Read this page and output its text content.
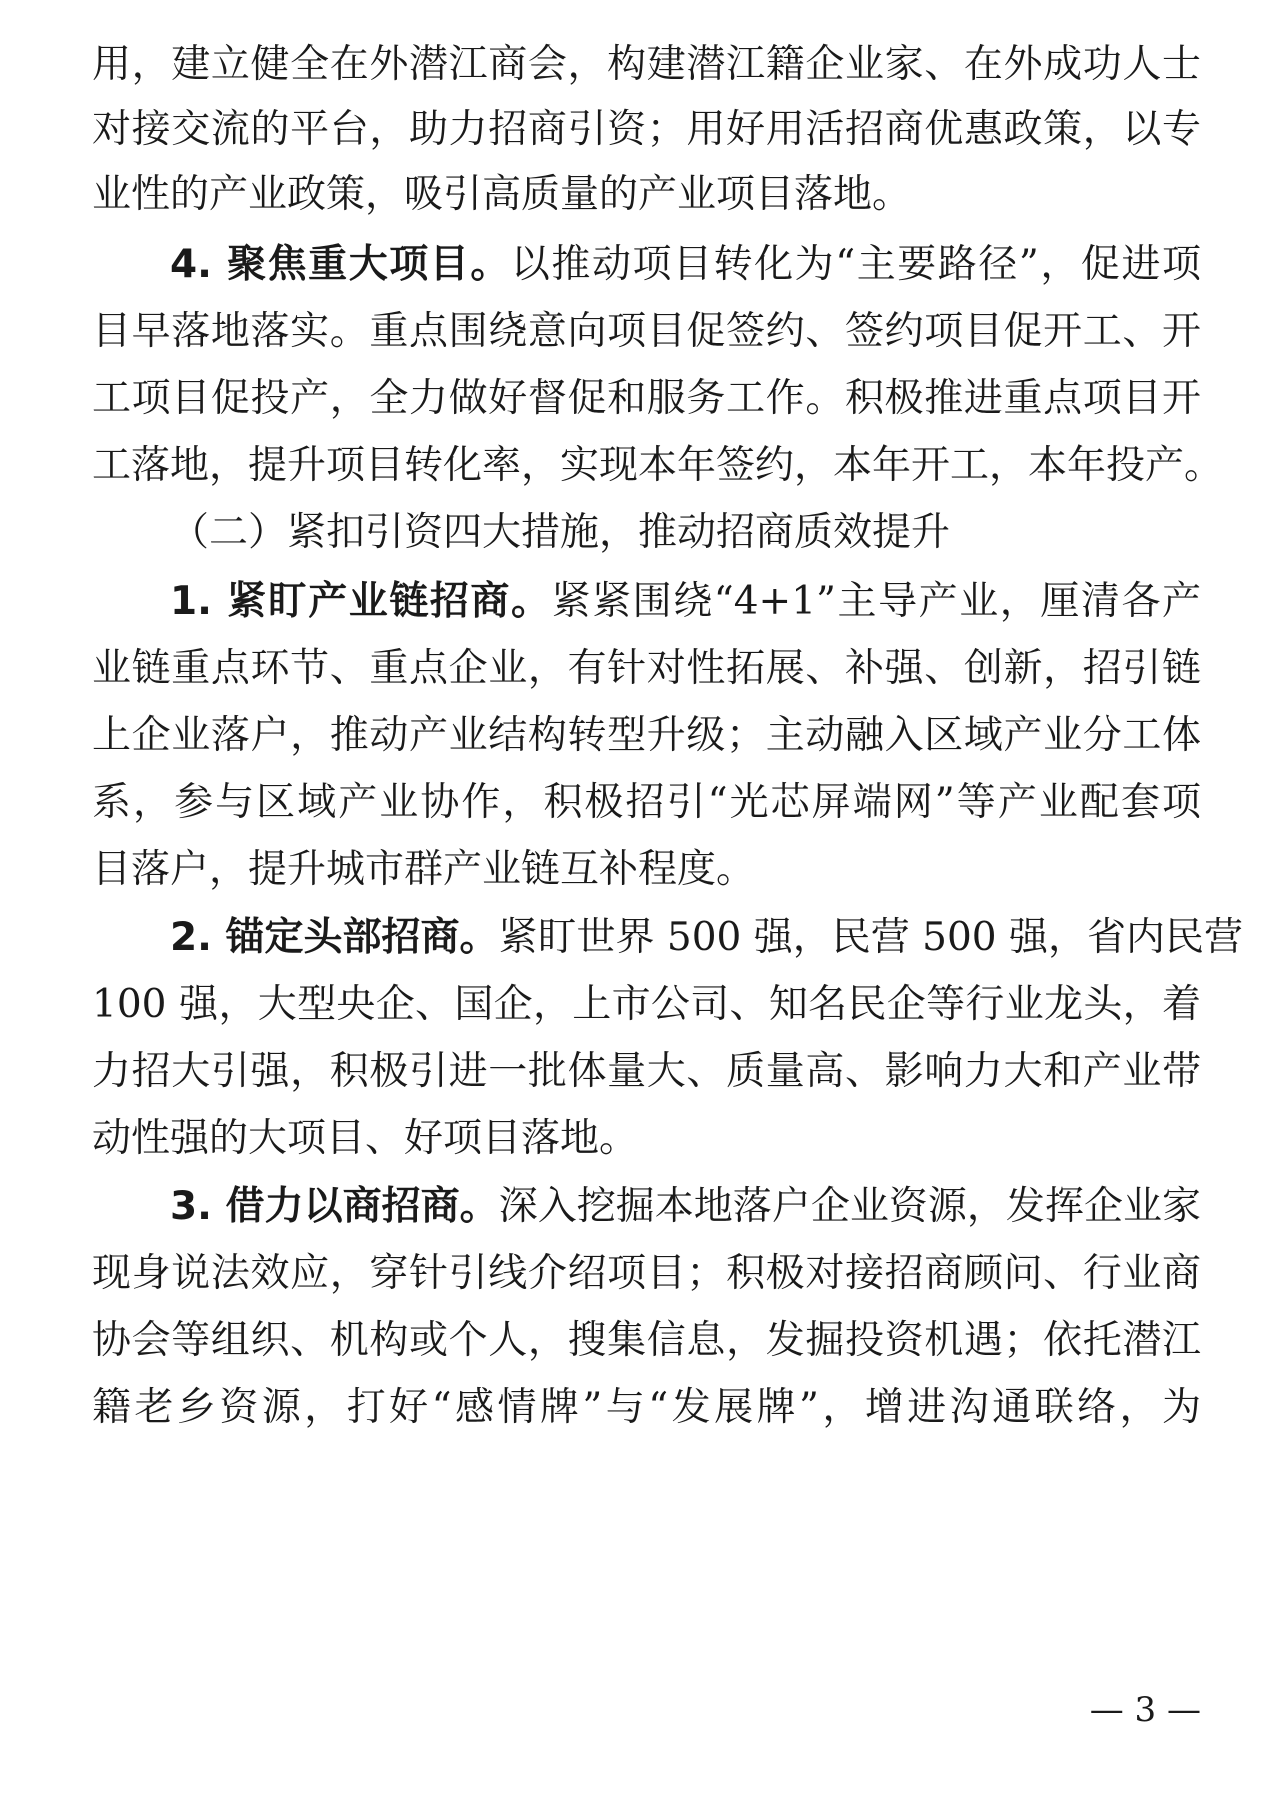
用，建立健全在外潜江商会，构建潜江籍企业家、在外成功人士
对接交流的平台，助力招商引资；用好用活招商优惠政策，以专
业性的产业政策，吸引高质量的产业项目落地。
4. 聚焦重大项目。以推动项目转化为“主要路径”，促进项
目早落地落实。重点围绕意向项目促签约、签约项目促开工、开
工项目促投产，全力做好督促和服务工作。积极推进重点项目开
工落地，提升项目转化率，实现本年签约，本年开工，本年投产。
（二）紧扣引资四大措施，推动招商质效提升
1. 紧盯产业链招商。紧紧围绕“4+1”主导产业，厘清各产
业链重点环节、重点企业，有针对性拓展、补强、创新，招引链
上企业落户，推动产业结构转型升级；主动融入区域产业分工体
系，参与区域产业协作，积极招引“光芯屏端网”等产业配套项
目落户，提升城市群产业链互补程度。
2. 锚定头部招商。紧盯世界 500 强，民营 500 强，省内民营
100 强，大型央企、国企，上市公司、知名民企等行业龙头，着
力招大引强，积极引进一批体量大、质量高、影响力大和产业带
动性强的大项目、好项目落地。
3. 借力以商招商。深入挖掘本地落户企业资源，发挥企业家
现身说法效应，穿针引线介绍项目；积极对接招商顾问、行业商
协会等组织、机构或个人，搜集信息，发掘投资机遇；依托潜江
籍老乡资源，打好“感情牌”与“发展牌”，增进沟通联络，为
— 3 —
